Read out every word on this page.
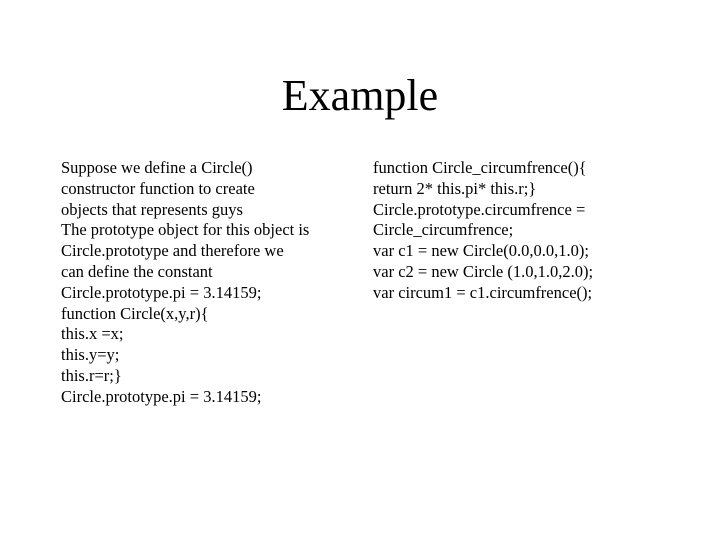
Example

Suppose we define a Circle()
constructor function to create
objects that represents guys

The prototype object for this object is
Circle.prototype and therefore we
can define the constant
Circle.prototype.pi = 3.14159;

function Circle(x,y,r){

this.x =x;

this.y=y;

this.r=r;}

Circle.prototype.pi = 3.14159;

function Circle_circumfrence(){

return 2* this.pi* this.r;}

Circle.prototype.circumfrence =
Circle_circumfrence;

var c1 = new Circle(0.0,0.0,1.0);

var c2 = new Circle (1.0,1.0,2.0);

var circum1 = c1.circumfrence();
